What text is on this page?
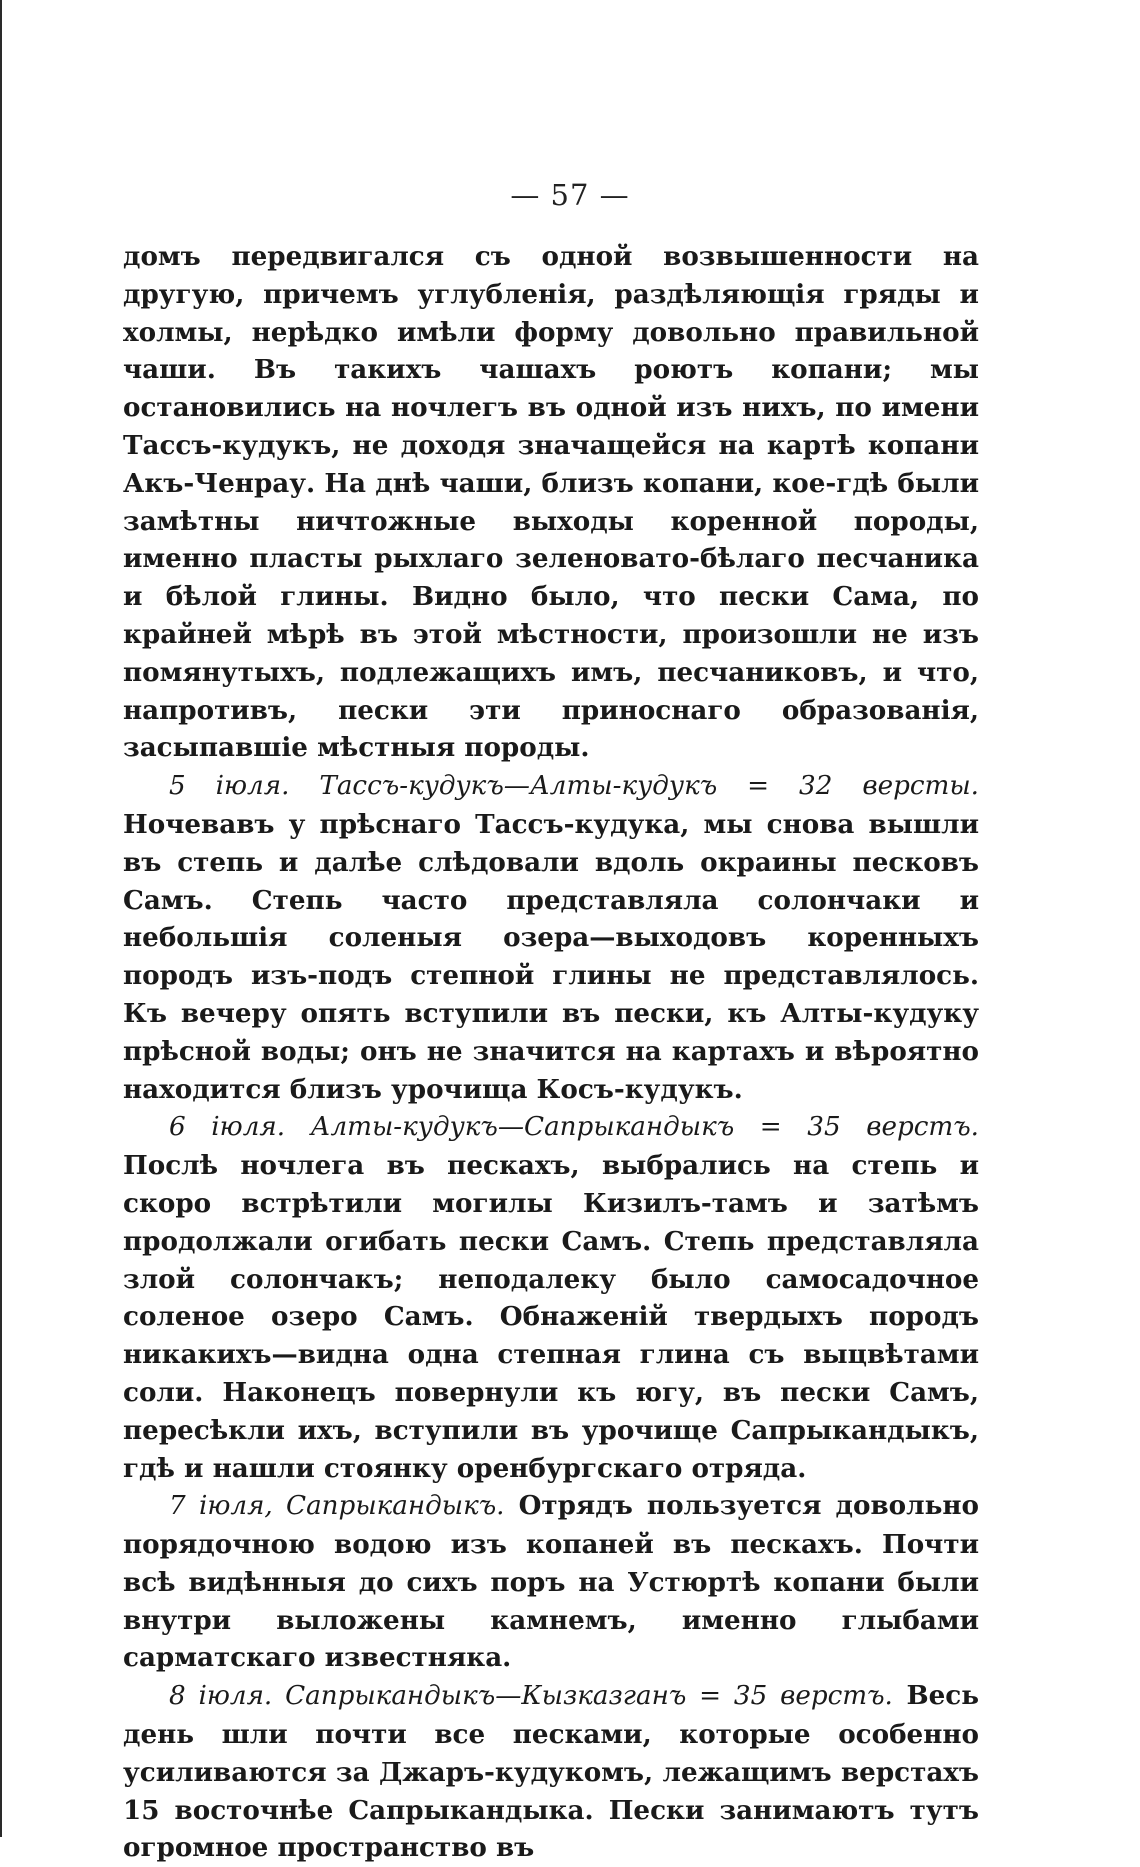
— 57 —

домъ передвигался съ одной возвышенности на другую, причемъ углубленія, раздѣляющія гряды и холмы, нерѣдко имѣли форму довольно правильной чаши. Въ такихъ чашахъ роютъ копани; мы остановились на ночлегъ въ одной изъ нихъ, по имени Тассъ-кудукъ, не доходя значащейся на картѣ копани Акъ-Ченрау. На днѣ чаши, близъ копани, кое-гдѣ были замѣтны ничтожные выходы коренной породы, именно пласты рыхлаго зеленовато-бѣлаго песчаника и бѣлой глины. Видно было, что пески Сама, по крайней мѣрѣ въ этой мѣстности, произошли не изъ помянутыхъ, подлежащихъ имъ, песчаниковъ, и что, напротивъ, пески эти приноснаго образованія, засыпавшіе мѣстныя породы.

5 іюля. Тассъ-кудукъ—Алты-кудукъ = 32 версты. Ночевавъ у прѣснаго Тассъ-кудука, мы снова вышли въ степь и далѣе слѣдовали вдоль окраины песковъ Самъ. Степь часто представляла солончаки и небольшія соленыя озера—выходовъ коренныхъ породъ изъ-подъ степной глины не представлялось. Къ вечеру опять вступили въ пески, къ Алты-кудуку прѣсной воды; онъ не значится на картахъ и вѣроятно находится близъ урочища Косъ-кудукъ.

6 іюля. Алты-кудукъ—Сапрыкандыкъ = 35 верстъ. Послѣ ночлега въ пескахъ, выбрались на степь и скоро встрѣтили могилы Кизилъ-тамъ и затѣмъ продолжали огибать пески Самъ. Степь представляла злой солончакъ; неподалеку было самосадочное соленое озеро Самъ. Обнаженій твердыхъ породъ никакихъ—видна одна степная глина съ выцвѣтами соли. Наконецъ повернули къ югу, въ пески Самъ, пересѣкли ихъ, вступили въ урочище Сапрыкандыкъ, гдѣ и нашли стоянку оренбургскаго отряда.

7 іюля, Сапрыкандыкъ. Отрядъ пользуется довольно порядочною водою изъ копаней въ пескахъ. Почти всѣ видѣнныя до сихъ поръ на Устюртѣ копани были внутри выложены камнемъ, именно глыбами сарматскаго известняка.

8 іюля. Сапрыкандыкъ—Кызказганъ = 35 верстъ. Весь день шли почти все песками, которые особенно усиливаются за Джаръ-кудукомъ, лежащимъ верстахъ 15 восточнѣе Сапрыкандыка. Пески занимаютъ тутъ огромное пространство въ
